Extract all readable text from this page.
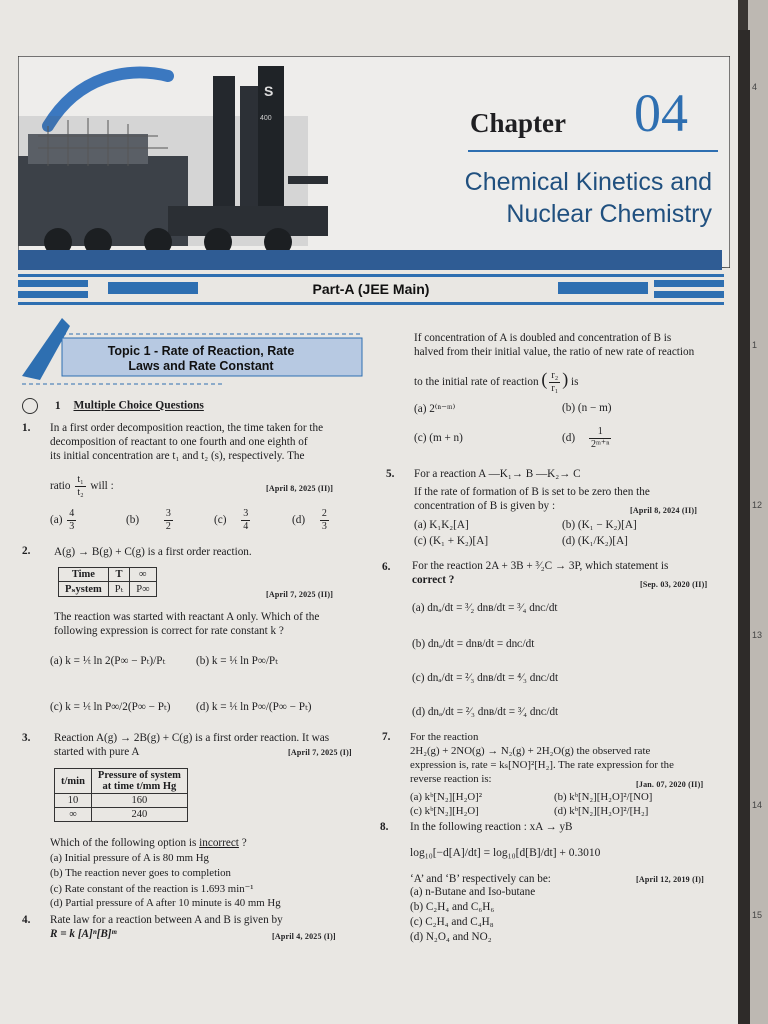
4
1
12
13
14
15
S
400	Chapter 04
Chemical Kinetics and
Nuclear Chemistry
Part-A (JEE Main)
Topic 1 - Rate of Reaction, Rate
Laws and Rate Constant
1 Multiple Choice Questions
1. In a first order decomposition reaction, the time taken for the
decomposition of reactant to one fourth and one eighth of
its initial concentration are t₁ and t₂ (s), respectively. The
ratio $\frac{\text{t₁}}{\text{t₂}}$ will :	[April 8, 2025 (II)]
$(a) \frac{4}{3}$	$(b) \frac{3}{2}$	$(c) \frac{3}{4}$	$(d) \frac{2}{3}$
2. A(g) → B(g) + C(g) is a first order reaction.
Time	T	∞
Pₛystem	Pₜ	P∞	[April 7, 2025 (II)]
The reaction was started with reactant A only. Which of the
following expression is correct for rate constant k ?
(a) k = ¹⁄ₜ ln 2(P∞ − Pₜ)/Pₜ	(b) k = ¹⁄ₜ ln P∞/Pₜ
(c) k = ¹⁄ₜ ln P∞/2(P∞ − Pₜ) (d) k = ¹⁄ₜ ln P∞/(P∞ − Pₜ)
3. Reaction A(g) → 2B(g) + C(g) is a first order reaction. It was
started with pure A	[April 7, 2025 (I)]
t/min	Pressure of system
at time t/mm Hg

10	160
∞	240
Which of the following option is incorrect ?
(a) Initial pressure of A is 80 mm Hg
(b) The reaction never goes to completion
(c) Rate constant of the reaction is 1.693 min⁻¹
(d) Partial pressure of A after 10 minute is 40 mm Hg
4. Rate law for a reaction between A and B is given by
R = k [A]ⁿ[B]ᵐ	[April 4, 2025 (I)]
If concentration of A is doubled and concentration of B is
halved from their initial value, the ratio of new rate of reaction
to the initial rate of reaction ( $\frac{\text{r₂}}{\text{r₁}}$ ) is
(a) 2⁽ⁿ⁻ᵐ⁾	(b) (n − m)
(c) (m + n)	$(d) \frac{1}{\text{2ᵐ⁺ⁿ}}$
5. For a reaction A —K₁→ B —K₂→ C
If the rate of formation of B is set to be zero then the
concentration of B is given by :	[April 8, 2024 (II)]
(a) K₁K₂[A]	(b) (K₁ − K₂)[A]
(c) (K₁ + K₂)[A]	(d) (K₁/K₂)[A]
6. For the reaction 2A + 3B + ³⁄₂C → 3P, which statement is
correct ?	[Sep. 03, 2020 (II)]
(a) dnₐ/dt = ³⁄₂ dnʙ/dt = ³⁄₄ dnᴄ/dt
(b) dnₐ/dt = dnʙ/dt = dnᴄ/dt
(c) dnₐ/dt = ²⁄₃ dnʙ/dt = ⁴⁄₃ dnᴄ/dt
(d) dnₐ/dt = ²⁄₃ dnʙ/dt = ³⁄₄ dnᴄ/dt
7. For the reaction
2H₂(g) + 2NO(g) → N₂(g) + 2H₂O(g) the observed rate
expression is, rate = kₛ[NO]²[H₂]. The rate expression for the
reverse reaction is:	[Jan. 07, 2020 (II)]
(a) kᵇ[N₂][H₂O]²	(b) kᵇ[N₂][H₂O]²/[NO]
(c) kᵇ[N₂][H₂O]	(d) kᵇ[N₂][H₂O]²/[H₂]
8. In the following reaction : xA → yB
log₁₀[−d[A]/dt] = log₁₀[d[B]/dt] + 0.3010
‘A’ and ‘B’ respectively can be:	[April 12, 2019 (I)]
(a) n-Butane and Iso-butane
(b) C₂H₄ and C₆H₆
(c) C₂H₄ and C₄H₈
(d) N₂O₄ and NO₂
